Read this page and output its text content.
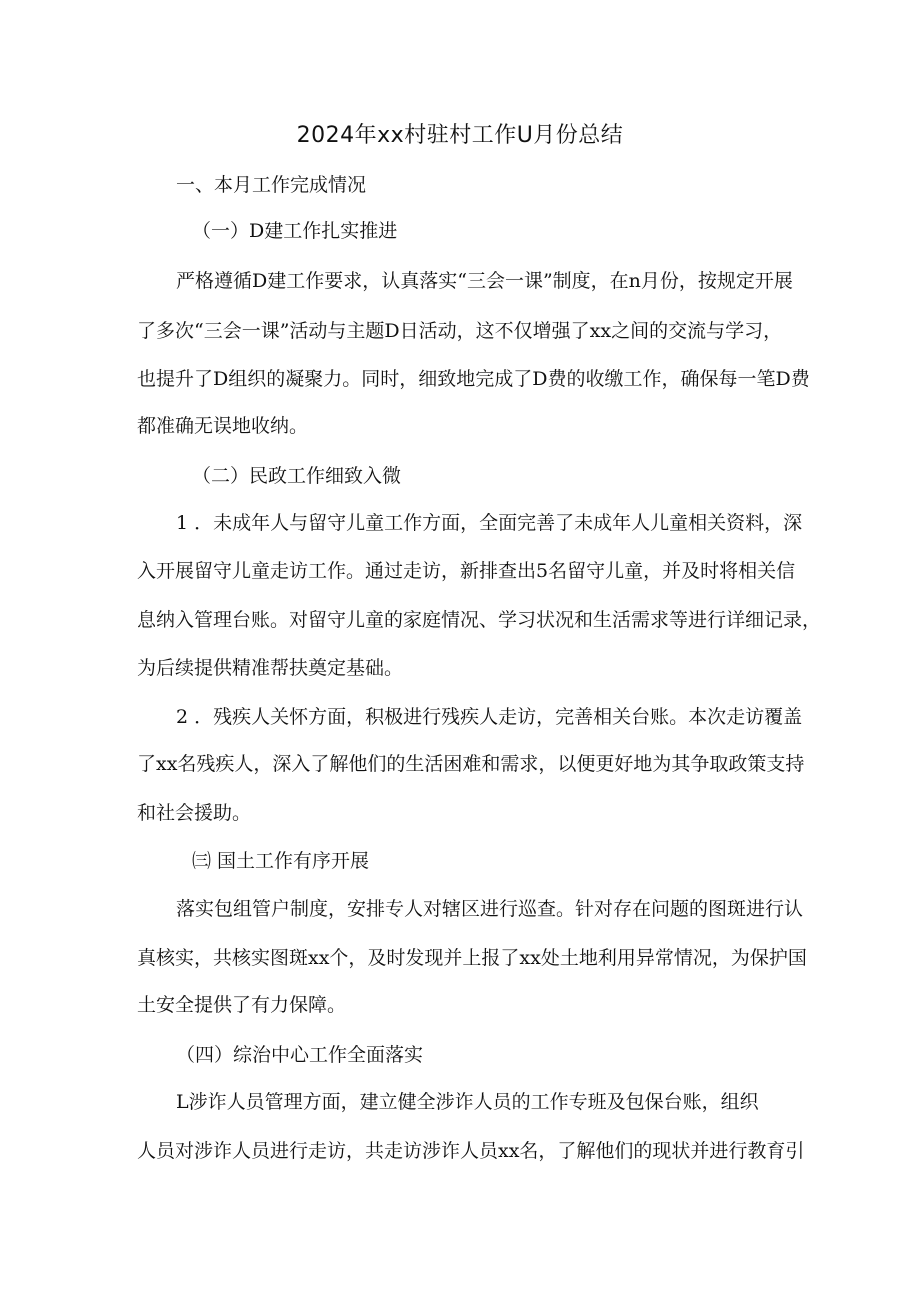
2024年xx村驻村工作U月份总结
一、本月工作完成情况
（一）D建工作扎实推进
严格遵循D建工作要求，认真落实“三会一课”制度，在n月份，按规定开展
了多次“三会一课”活动与主题D日活动，这不仅增强了xx之间的交流与学习，
也提升了D组织的凝聚力。同时，细致地完成了D费的收缴工作，确保每一笔D费
都准确无误地收纳。
（二）民政工作细致入微
1 ．未成年人与留守儿童工作方面，全面完善了未成年人儿童相关资料，深
入开展留守儿童走访工作。通过走访，新排查出5名留守儿童，并及时将相关信
息纳入管理台账。对留守儿童的家庭情况、学习状况和生活需求等进行详细记录，
为后续提供精准帮扶奠定基础。
2 ．残疾人关怀方面，积极进行残疾人走访，完善相关台账。本次走访覆盖
了xx名残疾人，深入了解他们的生活困难和需求，以便更好地为其争取政策支持
和社会援助。
㈢ 国土工作有序开展
落实包组管户制度，安排专人对辖区进行巡查。针对存在问题的图斑进行认
真核实，共核实图斑xx个，及时发现并上报了xx处土地利用异常情况，为保护国
土安全提供了有力保障。
（四）综治中心工作全面落实
L涉诈人员管理方面，建立健全涉诈人员的工作专班及包保台账，组织
人员对涉诈人员进行走访，共走访涉诈人员xx名，了解他们的现状并进行教育引
